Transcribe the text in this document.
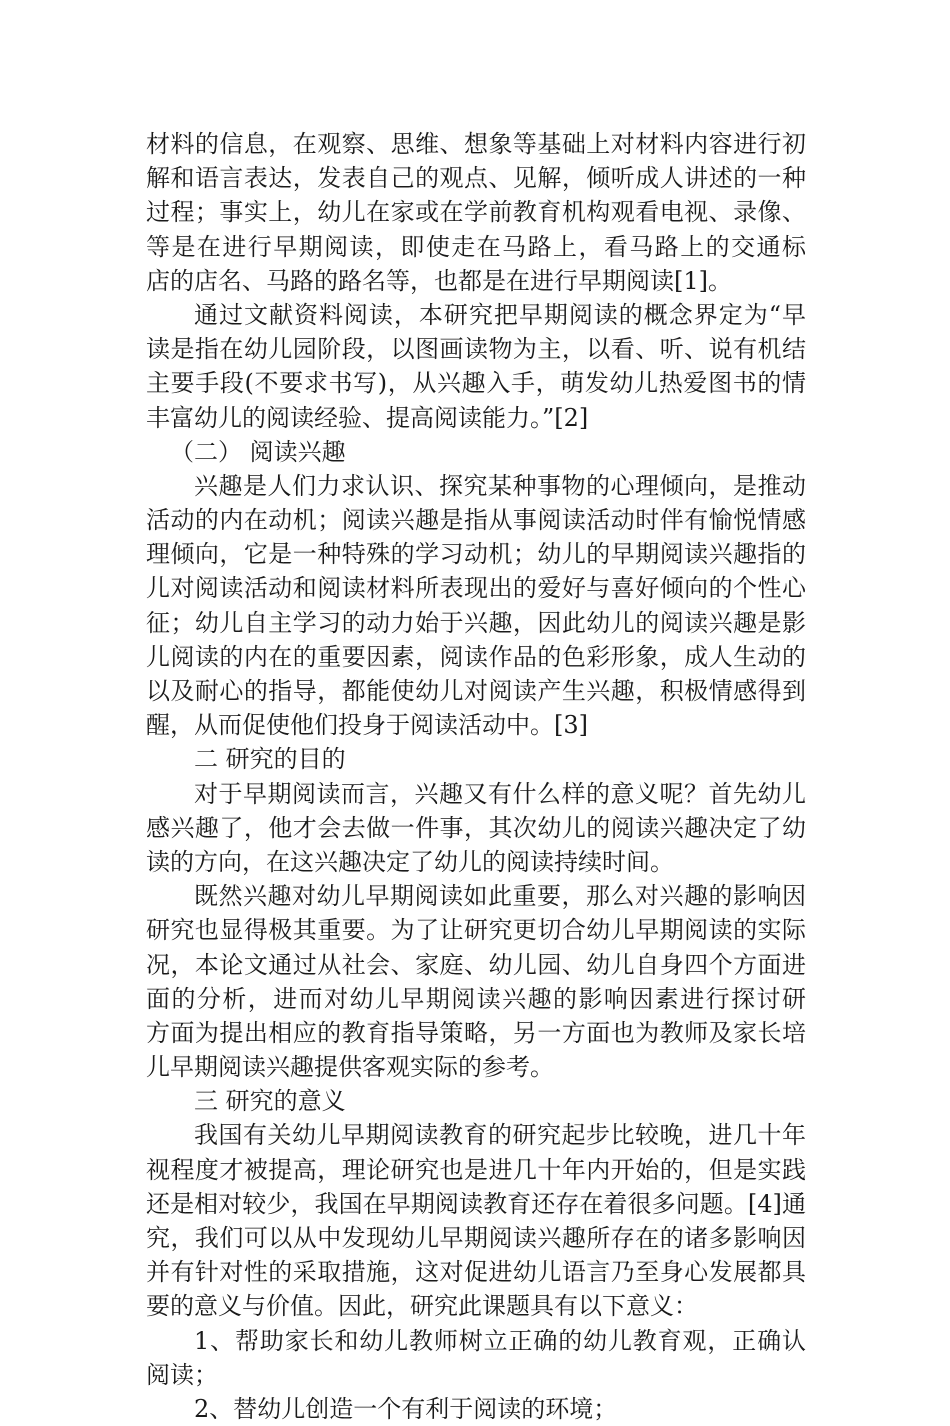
材料的信息，在观察、思维、想象等基础上对材料内容进行初
解和语言表达，发表自己的观点、见解，倾听成人讲述的一种
过程；事实上，幼儿在家或在学前教育机构观看电视、录像、
等是在进行早期阅读，即使走在马路上，看马路上的交通标
店的店名、马路的路名等，也都是在进行早期阅读[1]。
通过文献资料阅读，本研究把早期阅读的概念界定为“早
读是指在幼儿园阶段，以图画读物为主，以看、听、说有机结
主要手段(不要求书写)，从兴趣入手，萌发幼儿热爱图书的情
丰富幼儿的阅读经验、提高阅读能力。”[2]
（二） 阅读兴趣
兴趣是人们力求认识、探究某种事物的心理倾向，是推动
活动的内在动机；阅读兴趣是指从事阅读活动时伴有愉悦情感
理倾向，它是一种特殊的学习动机；幼儿的早期阅读兴趣指的
儿对阅读活动和阅读材料所表现出的爱好与喜好倾向的个性心
征；幼儿自主学习的动力始于兴趣，因此幼儿的阅读兴趣是影
儿阅读的内在的重要因素，阅读作品的色彩形象，成人生动的
以及耐心的指导，都能使幼儿对阅读产生兴趣，积极情感得到
醒，从而促使他们投身于阅读活动中。[3]
二 研究的目的
对于早期阅读而言，兴趣又有什么样的意义呢？首先幼儿
感兴趣了，他才会去做一件事，其次幼儿的阅读兴趣决定了幼
读的方向，在这兴趣决定了幼儿的阅读持续时间。
既然兴趣对幼儿早期阅读如此重要，那么对兴趣的影响因
研究也显得极其重要。为了让研究更切合幼儿早期阅读的实际
况，本论文通过从社会、家庭、幼儿园、幼儿自身四个方面进
面的分析，进而对幼儿早期阅读兴趣的影响因素进行探讨研
方面为提出相应的教育指导策略，另一方面也为教师及家长培
儿早期阅读兴趣提供客观实际的参考。
三 研究的意义
我国有关幼儿早期阅读教育的研究起步比较晚，进几十年
视程度才被提高，理论研究也是进几十年内开始的，但是实践
还是相对较少，我国在早期阅读教育还存在着很多问题。[4]通
究，我们可以从中发现幼儿早期阅读兴趣所存在的诸多影响因
并有针对性的采取措施，这对促进幼儿语言乃至身心发展都具
要的意义与价值。因此，研究此课题具有以下意义：
1、帮助家长和幼儿教师树立正确的幼儿教育观，正确认
阅读；
2、替幼儿创造一个有利于阅读的环境；
